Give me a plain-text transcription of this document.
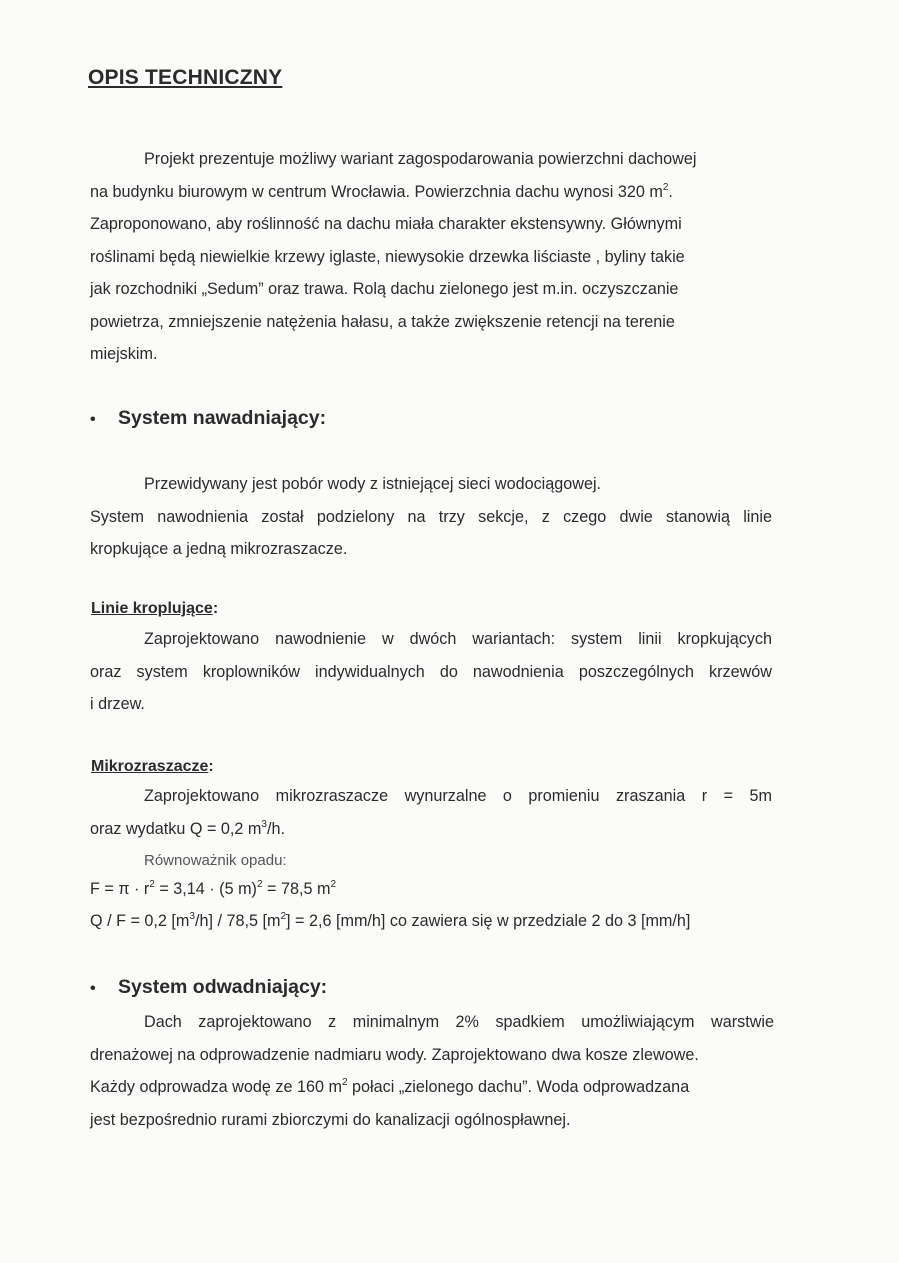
OPIS TECHNICZNY
Projekt prezentuje możliwy wariant zagospodarowania powierzchni dachowej
na budynku biurowym w centrum Wrocławia. Powierzchnia dachu wynosi 320 $m^2$.
Zaproponowano, aby roślinność na dachu miała charakter ekstensywny. Głównymi
roślinami będą niewielkie krzewy iglaste, niewysokie drzewka liściaste , byliny takie
jak rozchodniki „Sedum” oraz trawa. Rolą dachu zielonego jest m.in. oczyszczanie
powietrza, zmniejszenie natężenia hałasu, a także zwiększenie retencji na terenie
miejskim.
• System nawadniający:
Przewidywany jest pobór wody z istniejącej sieci wodociągowej.
System nawodnienia został podzielony na trzy sekcje, z czego dwie stanowią linie
kropkujące a jedną mikrozraszacze.
Linie kroplujące:
Zaprojektowano nawodnienie w dwóch wariantach: system linii kropkujących
oraz system kroplowników indywidualnych do nawodnienia poszczególnych krzewów
i drzew.
Mikrozraszacze:
Zaprojektowano mikrozraszacze wynurzalne o promieniu zraszania r = 5m
oraz wydatku Q = 0,2 $m^3/h$.
Równoważnik opadu:
$F = \pi \cdot r^2 = 3,14 \cdot (5$ m)$^2$ = 78,5 $m^2$
Q / F = 0,2 $[m^3/h] / 78,5$ $[m^2] = 2,6$ [mm/h] co zawiera się w przedziale 2 do 3 [mm/h]
• System odwadniający:
Dach zaprojektowano z minimalnym 2% spadkiem umożliwiającym warstwie
drenażowej na odprowadzenie nadmiaru wody. Zaprojektowano dwa kosze zlewowe.
Każdy odprowadza wodę ze 160 $m^2$ połaci „zielonego dachu”. Woda odprowadzana
jest bezpośrednio rurami zbiorczymi do kanalizacji ogólnospławnej.
